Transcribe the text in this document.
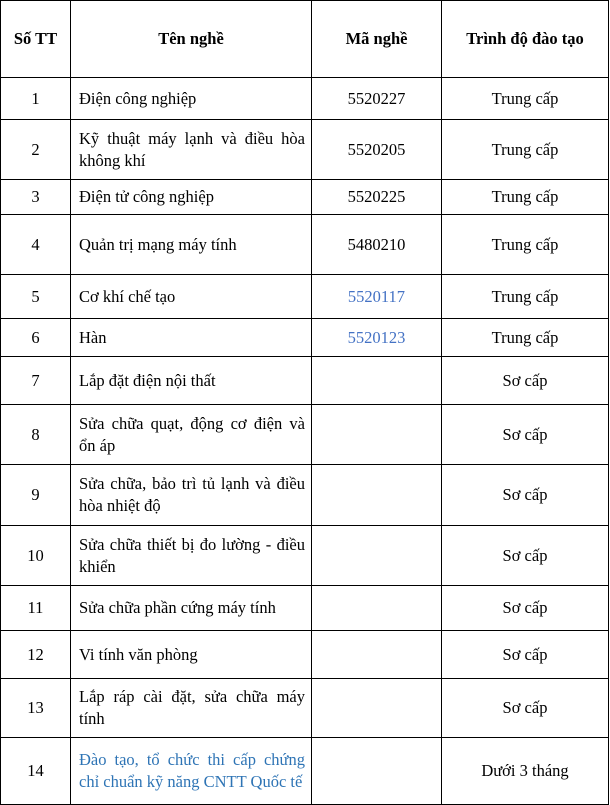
Số TT	Tên nghề	Mã nghề	Trình độ đào tạo
1	Điện công nghiệp	5520227	Trung cấp
2	Kỹ thuật máy lạnh và điều hòa không khí	5520205	Trung cấp
3	Điện tử công nghiệp	5520225	Trung cấp
4	Quản trị mạng máy tính	5480210	Trung cấp
5	Cơ khí chế tạo	5520117	Trung cấp
6	Hàn	5520123	Trung cấp
7	Lắp đặt điện nội thất		Sơ cấp
8	Sửa chữa quạt, động cơ điện và ổn áp		Sơ cấp
9	Sửa chữa, bảo trì tủ lạnh và điều hòa nhiệt độ		Sơ cấp
10	Sửa chữa thiết bị đo lường - điều khiển		Sơ cấp
11	Sửa chữa phần cứng máy tính		Sơ cấp
12	Vi tính văn phòng		Sơ cấp
13	Lắp ráp cài đặt, sửa chữa máy tính		Sơ cấp
14	Đào tạo, tổ chức thi cấp chứng chỉ chuẩn kỹ năng CNTT Quốc tế		Dưới 3 tháng
